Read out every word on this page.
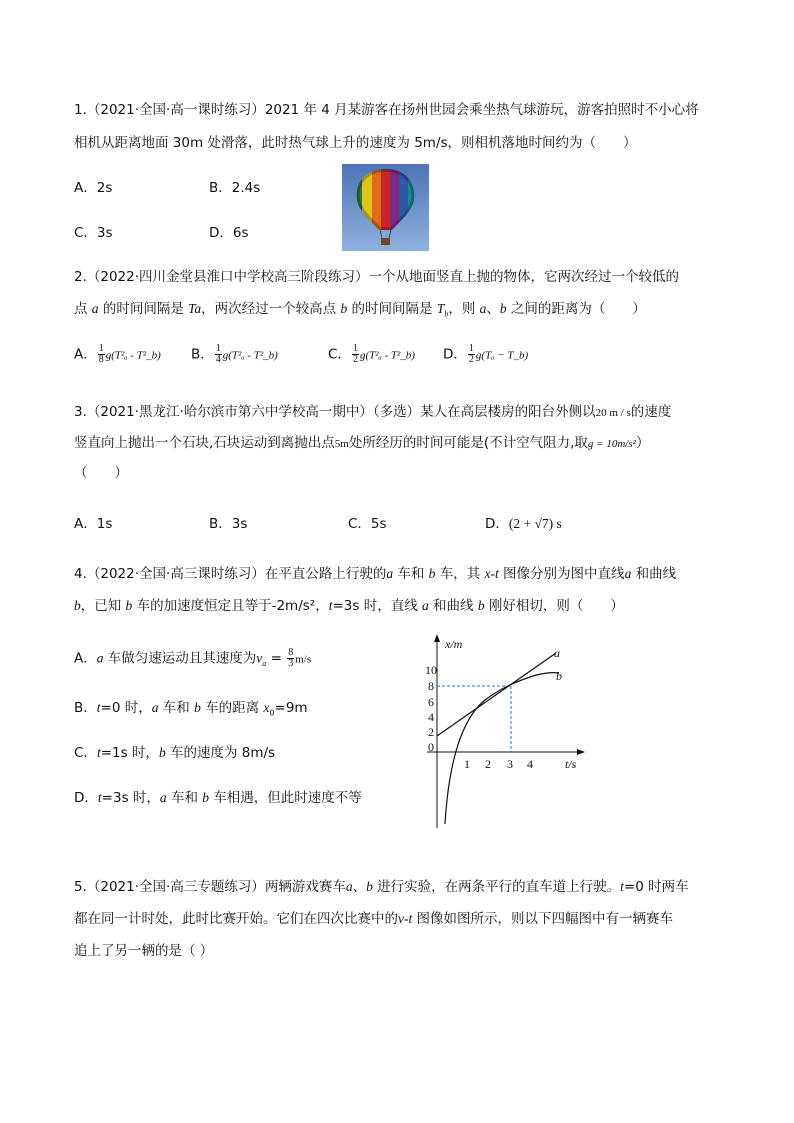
1.（2021·全国·高一课时练习）2021 年 4 月某游客在扬州世园会乘坐热气球游玩，游客拍照时不小心将
相机从距离地面 30m 处滑落，此时热气球上升的速度为 5m/s，则相机落地时间约为（　　）
A．2s	B．2.4s
C．3s	D．6s
2.（2022·四川金堂县淮口中学校高三阶段练习）一个从地面竖直上抛的物体，它两次经过一个较低的
点 a 的时间间隔是 Ta，两次经过一个较高点 b 的时间间隔是 $T_b$，则 a、b 之间的距离为（　　）
A． $\frac{1}{8} g(T^2_a$ - T²_b) B． $\frac{1}{4} g(T^2_a$ - T²_b)	C． $\frac{1}{2} g(T^2_a$ - T²_b) D． $\frac{1}{2} g(T_a$ − T_b)
3.（2021·黑龙江·哈尔滨市第六中学校高一期中）（多选）某人在高层楼房的阳台外侧以20 m / s的速度
竖直向上抛出一个石块,石块运动到离抛出点5m处所经历的时间可能是(不计空气阻力,取g = 10m/s²）
（　　）
A．1s	B．3s	C．5s	D．(2 + √7) s
4.（2022·全国·高三课时练习）在平直公路上行驶的a 车和 b 车，其 x-t 图像分别为图中直线a 和曲线
b，已知 b 车的加速度恒定且等于-2m/s²，t=3s 时，直线 a 和曲线 b 刚好相切，则（　　）
A．a 车做匀速运动且其速度为$v_a = \frac{8}{3} m/s$
B．t=0 时，a 车和 b 车的距离 $x_0=9m$
C．t=1s 时，b 车的速度为 8m/s
D．t=3s 时，a 车和 b 车相遇，但此时速度不等
x/m
t/s
10
8
6
4
2
0
1 2 3 4
a
b
5.（2021·全国·高三专题练习）两辆游戏赛车a、b 进行实验，在两条平行的直车道上行驶。t=0 时两车
都在同一计时处，此时比赛开始。它们在四次比赛中的v-t 图像如图所示，则以下四幅图中有一辆赛车
追上了另一辆的是（ ）
